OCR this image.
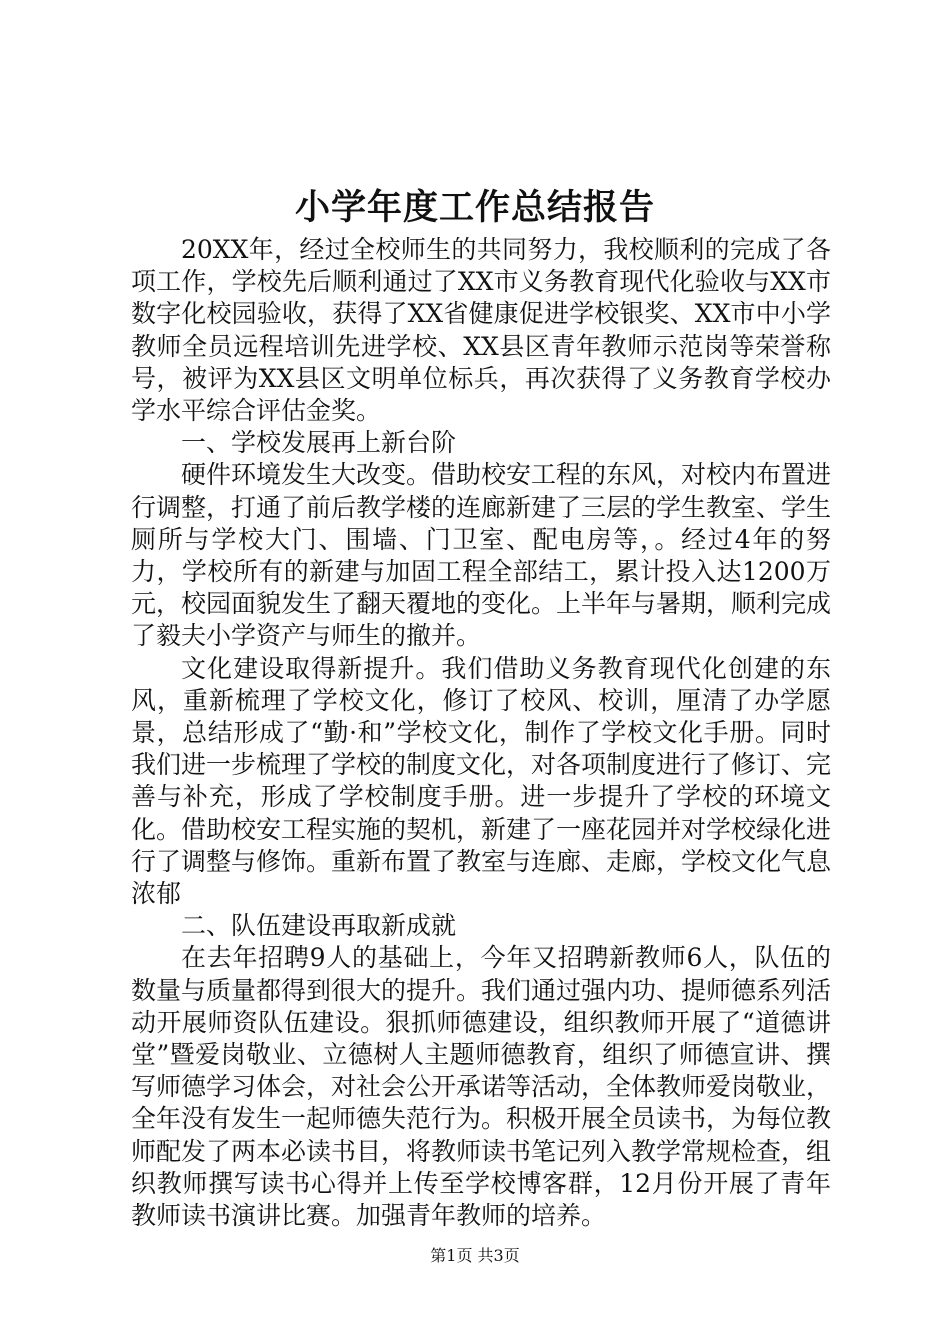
小学年度工作总结报告

20XX年，经过全校师生的共同努力，我校顺利的完成了各项工作，学校先后顺利通过了XX市义务教育现代化验收与XX市数字化校园验收，获得了XX省健康促进学校银奖、XX市中小学教师全员远程培训先进学校、XX县区青年教师示范岗等荣誉称号，被评为XX县区文明单位标兵，再次获得了义务教育学校办学水平综合评估金奖。

一、学校发展再上新台阶

硬件环境发生大改变。借助校安工程的东风，对校内布置进行调整，打通了前后教学楼的连廊新建了三层的学生教室、学生厕所与学校大门、围墙、门卫室、配电房等，。经过4年的努力，学校所有的新建与加固工程全部结工，累计投入达1200万元，校园面貌发生了翻天覆地的变化。上半年与暑期，顺利完成了毅夫小学资产与师生的撤并。

文化建设取得新提升。我们借助义务教育现代化创建的东风，重新梳理了学校文化，修订了校风、校训，厘清了办学愿景，总结形成了“勤·和”学校文化，制作了学校文化手册。同时我们进一步梳理了学校的制度文化，对各项制度进行了修订、完善与补充，形成了学校制度手册。进一步提升了学校的环境文化。借助校安工程实施的契机，新建了一座花园并对学校绿化进行了调整与修饰。重新布置了教室与连廊、走廊，学校文化气息浓郁

二、队伍建设再取新成就

在去年招聘9人的基础上，今年又招聘新教师6人，队伍的数量与质量都得到很大的提升。我们通过强内功、提师德系列活动开展师资队伍建设。狠抓师德建设，组织教师开展了“道德讲堂”暨爱岗敬业、立德树人主题师德教育，组织了师德宣讲、撰写师德学习体会，对社会公开承诺等活动，全体教师爱岗敬业，全年没有发生一起师德失范行为。积极开展全员读书，为每位教师配发了两本必读书目，将教师读书笔记列入教学常规检查，组织教师撰写读书心得并上传至学校博客群，12月份开展了青年教师读书演讲比赛。加强青年教师的培养。

第1页 共3页
